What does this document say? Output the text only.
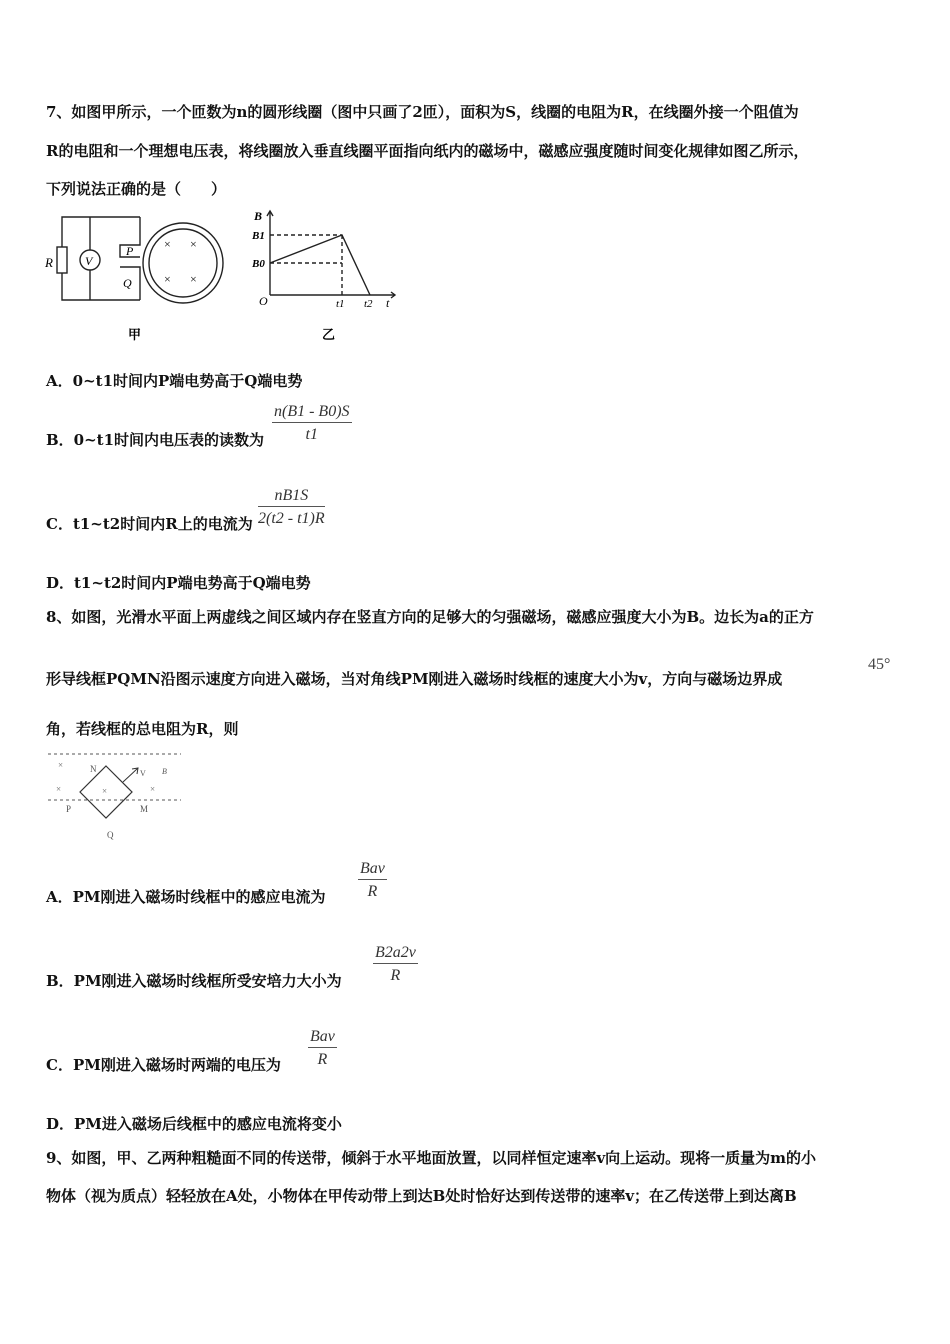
7、如图甲所示，一个匝数为n的圆形线圈（图中只画了2匝），面积为S，线圈的电阻为R，在线圈外接一个阻值为
R的电阻和一个理想电压表，将线圈放入垂直线圈平面指向纸内的磁场中，磁感应强度随时间变化规律如图乙所示，
下列说法正确的是（　　）
R	V
P
Q
× ×
× ×
甲
B
B1
B0
O	t1 t2 t
乙
A．0~t1时间内P端电势高于Q端电势
B．0~t1时间内电压表的读数为 $\frac{n(B1 - B0)S}{t1}$
C．t1~t2时间内R上的电流为 $\frac{nB1S}{2(t2 - t1)R}$
D．t1~t2时间内P端电势高于Q端电势
8、如图，光滑水平面上两虚线之间区域内存在竖直方向的足够大的匀强磁场，磁感应强度大小为B。边长为a的正方
形导线框PQMN沿图示速度方向进入磁场，当对角线PM刚进入磁场时线框的速度大小为v，方向与磁场边界成
45°
角，若线框的总电阻为R，则
×
×	×	×
N	V B
P	M
Q
A．PM刚进入磁场时线框中的感应电流为
Bav
R
B．PM刚进入磁场时线框所受安培力大小为 $\frac{B2a2v}{R}$
C．PM刚进入磁场时两端的电压为
Bav
R
D．PM进入磁场后线框中的感应电流将变小
9、如图，甲、乙两种粗糙面不同的传送带，倾斜于水平地面放置，以同样恒定速率v向上运动。现将一质量为m的小
物体（视为质点）轻轻放在A处，小物体在甲传动带上到达B处时恰好达到传送带的速率v；在乙传送带上到达离B
